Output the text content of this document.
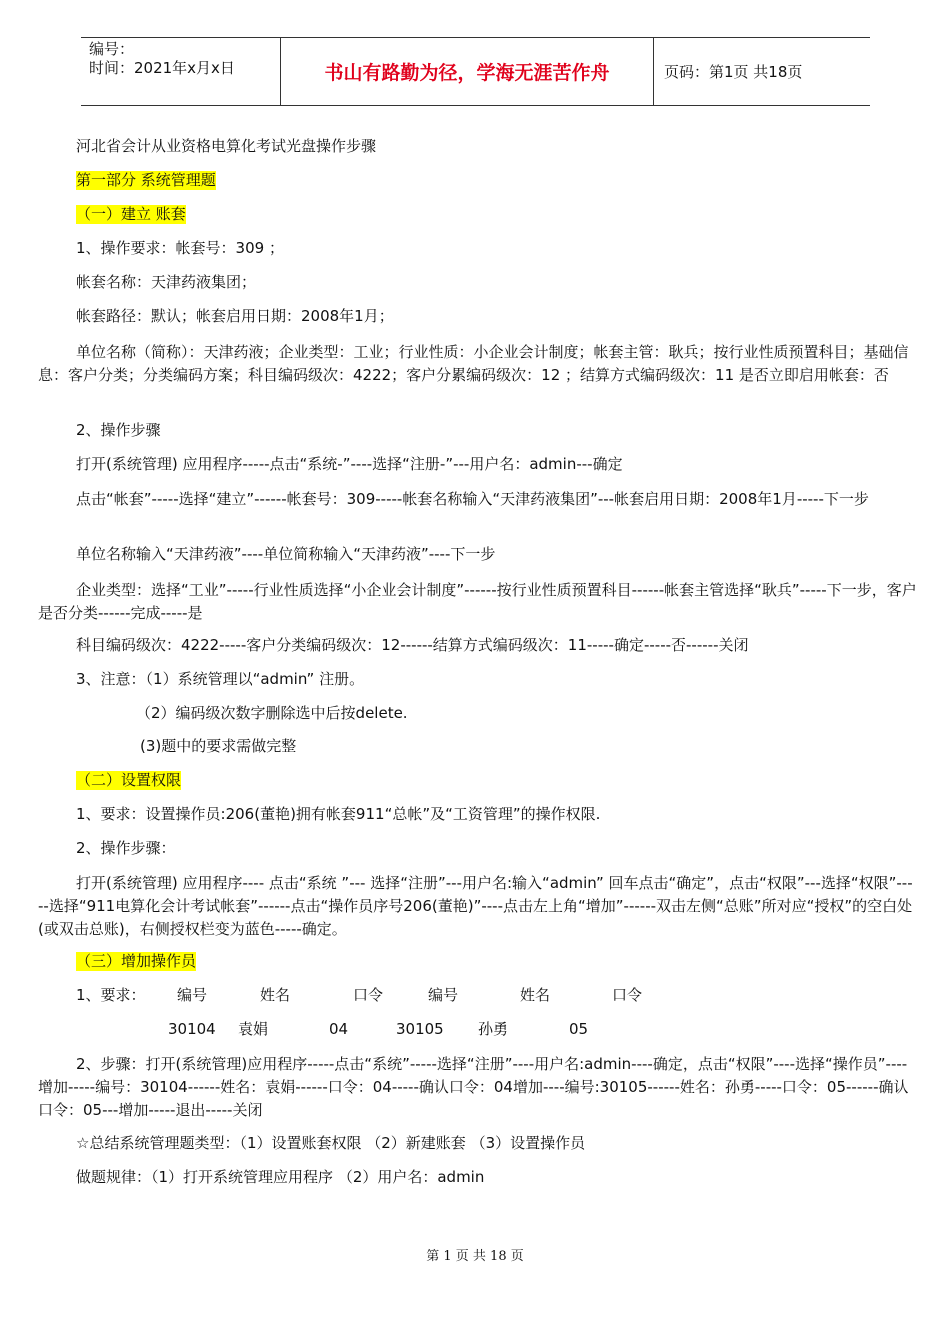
编号：
时间：2021年x月x日	书山有路勤为径，学海无涯苦作舟	页码：第1页 共18页
河北省会计从业资格电算化考试光盘操作步骤
第一部分 系统管理题
（一）建立 账套
1、操作要求：帐套号：309 ；
帐套名称：天津药液集团；
帐套路径：默认；帐套启用日期：2008年1月；
单位名称（简称）：天津药液；企业类型：工业；行业性质：小企业会计制度；帐套主管：耿兵；按行业性质预置科目；基础信息：客户分类；分类编码方案；科目编码级次：4222；客户分累编码级次：12 ；结算方式编码级次：11 是否立即启用帐套：否
2、操作步骤
打开(系统管理) 应用程序-----点击“系统-”----选择“注册-”---用户名：admin---确定
点击“帐套”-----选择“建立”------帐套号：309-----帐套名称输入“天津药液集团”---帐套启用日期：2008年1月-----下一步
单位名称输入“天津药液”----单位简称输入“天津药液”----下一步
企业类型：选择“工业”-----行业性质选择“小企业会计制度”------按行业性质预置科目------帐套主管选择“耿兵”-----下一步，客户是否分类------完成-----是
科目编码级次：4222-----客户分类编码级次：12------结算方式编码级次：11-----确定-----否------关闭
3、注意：（1）系统管理以“admin” 注册。
（2）编码级次数字删除选中后按delete.
(3)题中的要求需做完整
（二）设置权限
1、要求：设置操作员:206(董艳)拥有帐套911“总帐”及“工资管理”的操作权限.
2、操作步骤：
打开(系统管理) 应用程序---- 点击“系统 ”--- 选择“注册”---用户名:输入“admin” 回车点击“确定”，点击“权限”---选择“权限”-----选择“911电算化会计考试帐套”------点击“操作员序号206(董艳)”----点击左上角“增加”------双击左侧“总账”所对应“授权”的空白处(或双击总账)，右侧授权栏变为蓝色-----确定。
（三）增加操作员
1、要求： 编号	姓名	口令	编号	姓名	口令
30104 袁娟	04	30105 孙勇	05
2、步骤：打开(系统管理)应用程序-----点击“系统”-----选择“注册”----用户名:admin----确定，点击“权限”----选择“操作员”----增加-----编号：30104------姓名：袁娟------口令：04-----确认口令：04增加----编号:30105------姓名：孙勇-----口令：05------确认口令：05---增加-----退出-----关闭
☆总结系统管理题类型：（1）设置账套权限 （2）新建账套 （3）设置操作员
做题规律：（1）打开系统管理应用程序 （2）用户名：admin
第 1 页 共 18 页
